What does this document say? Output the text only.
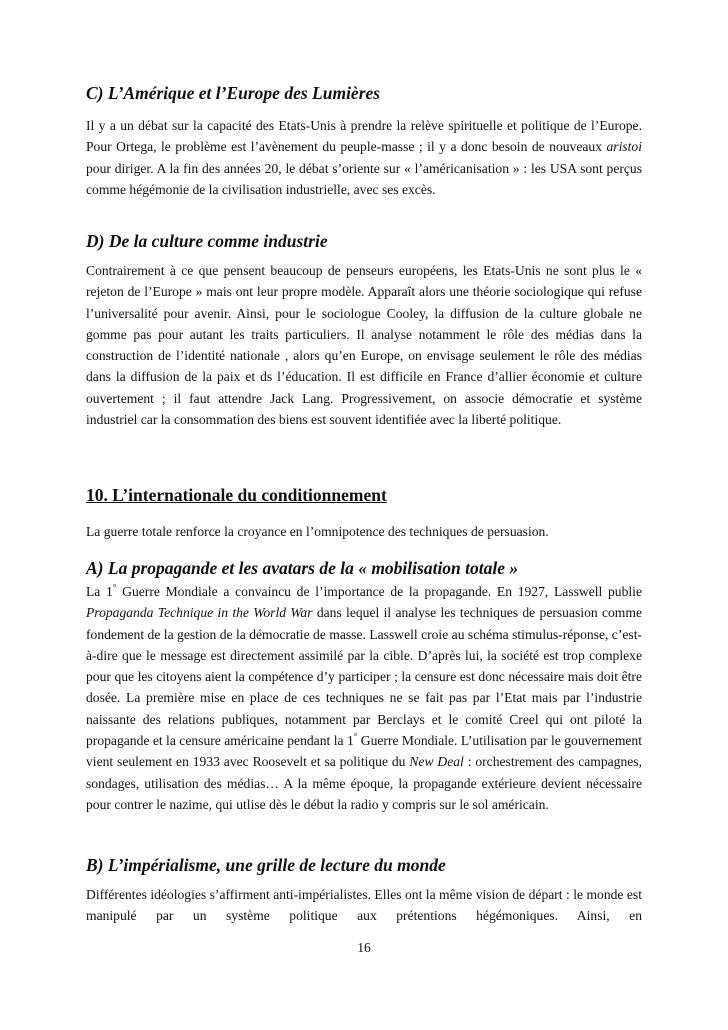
C) L’Amérique et l’Europe des Lumières

Il y a un débat sur la capacité des Etats-Unis à prendre la relève spirituelle et politique de l’Europe. Pour Ortega, le problème est l’avènement du peuple-masse ; il y a donc besoin de nouveaux aristoi pour diriger. A la fin des années 20, le débat s’oriente sur « l’américanisation » : les USA sont perçus comme hégémonie de la civilisation industrielle, avec ses excès.

D) De la culture comme industrie

Contrairement à ce que pensent beaucoup de penseurs européens, les Etats-Unis ne sont plus le « rejeton de l’Europe » mais ont leur propre modèle. Apparaît alors une théorie sociologique qui refuse l’universalité pour avenir. Ainsi, pour le sociologue Cooley, la diffusion de la culture globale ne gomme pas pour autant les traits particuliers. Il analyse notamment le rôle des médias dans la construction de l’identité nationale , alors qu’en Europe, on envisage seulement le rôle des médias dans la diffusion de la paix et ds l’éducation. Il est difficile en France d’allier économie et culture ouvertement ; il faut attendre Jack Lang. Progressivement, on associe démocratie et système industriel car la consommation des biens est souvent identifiée avec la liberté politique.

10. L’internationale du conditionnement

La guerre totale renforce la croyance en l’omnipotence des techniques de persuasion.

A) La propagande et les avatars de la « mobilisation totale »

La 1° Guerre Mondiale a convaincu de l’importance de la propagande. En 1927, Lasswell publie Propaganda Technique in the World War dans lequel il analyse les techniques de persuasion comme fondement de la gestion de la démocratie de masse. Lasswell croie au schéma stimulus-réponse, c’est-à-dire que le message est directement assimilé par la cible. D’après lui, la société est trop complexe pour que les citoyens aient la compétence d’y participer ; la censure est donc nécessaire mais doit être dosée. La première mise en place de ces techniques ne se fait pas par l’Etat mais par l’industrie naissante des relations publiques, notamment par Berclays et le comité Creel qui ont piloté la propagande et la censure américaine pendant la 1° Guerre Mondiale. L’utilisation par le gouvernement vient seulement en 1933 avec Roosevelt et sa politique du New Deal : orchestrement des campagnes, sondages, utilisation des médias… A la même époque, la propagande extérieure devient nécessaire pour contrer le nazime, qui utlise dès le début la radio y compris sur le sol américain.

B) L’impérialisme, une grille de lecture du monde

Différentes idéologies s’affirment anti-impérialistes. Elles ont la même vision de départ : le monde est manipulé par un système politique aux prétentions hégémoniques. Ainsi, en

16
